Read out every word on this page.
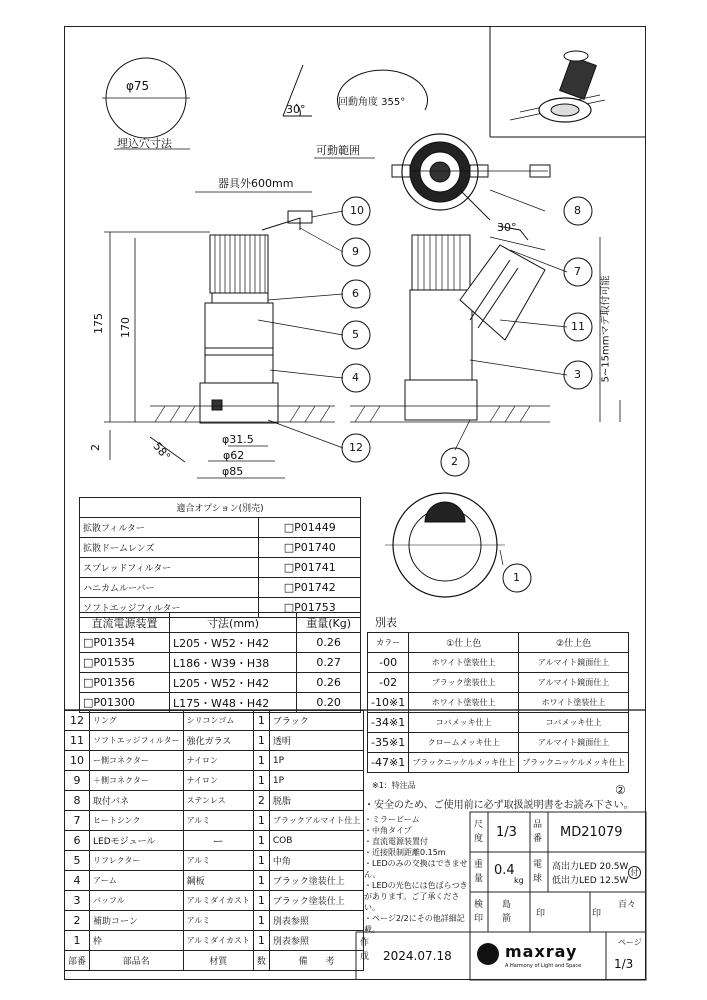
φ75
埋込穴寸法
30°
回動角度 355°
可動範囲
器具外600mm
175 170
2	58°
φ31.5
φ62
φ85
30°
5~15mmマデ取付可能
10
9
6
5
4
12
8
7
11
3
2
1
適合オプション(別売)	
拡散フィルター	□P01449
拡散ドームレンズ	□P01740
スプレッドフィルター	□P01741
ハニカムルーバー	□P01742
ソフトエッジフィルター	□P01753
直流電源装置	寸法(mm)	重量(Kg)
□P01354	L205・W52・H42	0.26
□P01535	L186・W39・H38	0.27
□P01356	L205・W52・H42	0.26
□P01300	L175・W48・H42	0.20
別表
カラー	①仕上色	②仕上色
-00	ホワイト塗装仕上	アルマイト鏡面仕上
-02	ブラック塗装仕上	アルマイト鏡面仕上
-10※1	ホワイト塗装仕上	ホワイト塗装仕上
-34※1	コバメッキ仕上	コバメッキ仕上
-35※1	クロームメッキ仕上	アルマイト鏡面仕上
-47※1	ブラックニッケルメッキ仕上	ブラックニッケルメッキ仕上
※1：特注品
12	リング	シリコンゴム	1	ブラック
11	ソフトエッジフィルター	強化ガラス	1	透明
10	ー側コネクター	ナイロン	1	1P
9	＋側コネクター	ナイロン	1	1P
8	取付バネ	ステンレス	2	脱脂
7	ヒートシンク	アルミ	1	ブラックアルマイト仕上
6	LEDモジュール	ー	1	COB
5	リフレクター	アルミ	1	中角
4	アーム	鋼板	1	ブラック塗装仕上
3	バッフル	アルミダイカスト	1	ブラック塗装仕上
2	補助コーン	アルミ	1	別表参照
1	枠	アルミダイカスト	1	別表参照
部番	部品名	材質	数	備　　考
・安全のため、ご使用前に必ず取扱説明書をお読み下さい。
②
・ミラービーム
・中角タイプ
・直流電源装置付
・近接限制距離0.15m
・LEDのみの交換はできません。
・LEDの光色には色ばらつきがあります。ご了承ください。
・ページ2/2にその他詳細記載。
尺度 1/3 品番 MD21079
重量
0.4
kg
電球
高出力LED 20.5W
低出力LED 12.5W
付
検印
島箭	印	印
百々
作成 2024.07.18	maxray
A Harmony of Light and Space
ページ
1/3
